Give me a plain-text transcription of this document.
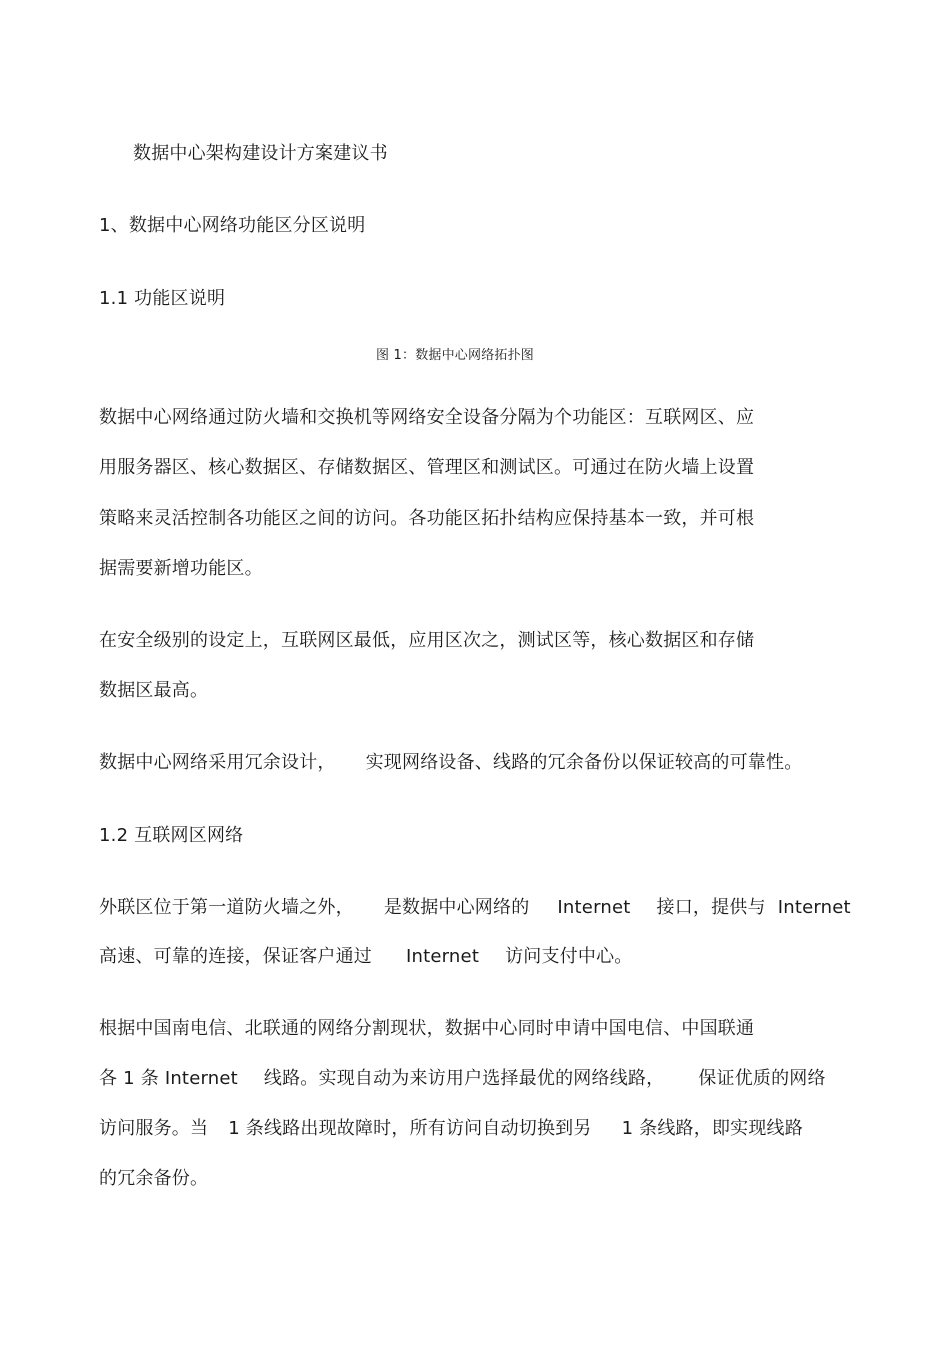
数据中心架构建设计方案建议书
1、数据中心网络功能区分区说明
1.1 功能区说明
图 1：数据中心网络拓扑图
数据中心网络通过防火墙和交换机等网络安全设备分隔为个功能区：互联网区、应
用服务器区、核心数据区、存储数据区、管理区和测试区。可通过在防火墙上设置
策略来灵活控制各功能区之间的访问。各功能区拓扑结构应保持基本一致，并可根
据需要新增功能区。
在安全级别的设定上，互联网区最低，应用区次之，测试区等，核心数据区和存储
数据区最高。
数据中心网络采用冗余设计， 实现网络设备、线路的冗余备份以保证较高的可靠性。
1.2 互联网区网络
外联区位于第一道防火墙之外， 是数据中心网络的 Internet 接口，提供与 Internet
高速、可靠的连接，保证客户通过 Internet 访问支付中心。
根据中国南电信、北联通的网络分割现状，数据中心同时申请中国电信、中国联通
各 1 条 Internet 线路。实现自动为来访用户选择最优的网络线路， 保证优质的网络
访问服务。当 1 条线路出现故障时，所有访问自动切换到另 1 条线路，即实现线路
的冗余备份。
